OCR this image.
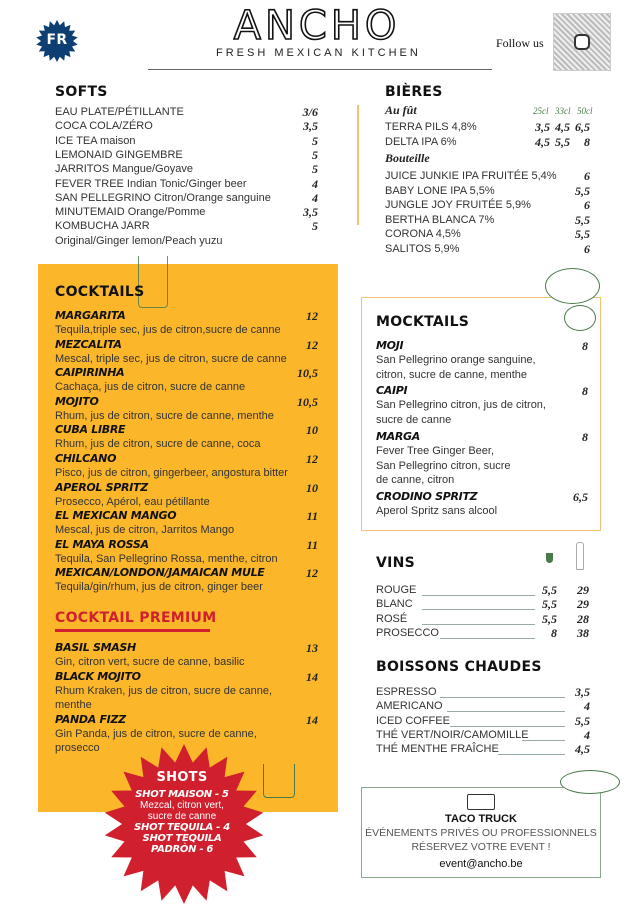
FR	ANCHO
FRESH MEXICAN KITCHEN
Follow us
SOFTS
EAU PLATE/PÉTILLANTE	3/6
COCA COLA/ZÉRO	3,5
ICE TEA maison	5
LEMONAID GINGEMBRE	5
JARRITOS Mangue/Goyave	5
FEVER TREE Indian Tonic/Ginger beer	4
SAN PELLEGRINO Citron/Orange sanguine	4
MINUTEMAID Orange/Pomme	3,5
KOMBUCHA JARR	5
Original/Ginger lemon/Peach yuzu
BIÈRES
Au fût	25cl 33cl 50cl
TERRA PILS 4,8%	3,5 4,5 6,5
DELTA IPA 6%	4,5 5,5	8
JUICE JUNKIE IPA FRUITÉE 5,4%	6
BABY LONE IPA 5,5%	5,5
JUNGLE JOY FRUITÉE 5,9%	6
BERTHA BLANCA 7%	5,5
CORONA 4,5%	5,5
SALITOS 5,9%	6
Bouteille
COCKTAILS
MARGARITA	12
Tequila,triple sec, jus de citron,sucre de canne
MEZCALITA	12
Mescal, triple sec, jus de citron, sucre de canne
CAIPIRINHA	10,5
Cachaça, jus de citron, sucre de canne
MOJITO	10,5
Rhum, jus de citron, sucre de canne, menthe
CUBA LIBRE	10
Rhum, jus de citron, sucre de canne, coca
CHILCANO	12
Pisco, jus de citron, gingerbeer, angostura bitter
APEROL SPRITZ	10
Prosecco, Apérol, eau pétillante
EL MEXICAN MANGO	11
Mescal, jus de citron, Jarritos Mango
EL MAYA ROSSA	11
Tequila, San Pellegrino Rossa, menthe, citron
MEXICAN/LONDON/JAMAICAN MULE	12
Tequila/gin/rhum, jus de citron, ginger beer
COCKTAIL PREMIUM
BASIL SMASH	13
Gin, citron vert, sucre de canne, basilic
BLACK MOJITO	14
Rhum Kraken, jus de citron, sucre de canne, menthe
PANDA FIZZ	14
Gin Panda, jus de citron, sucre de canne, prosecco
SHOTS
SHOT MAISON - 5
Mezcal, citron vert,
sucre de canne
SHOT TEQUILA - 4
SHOT TEQUILA
PADRÒN - 6
MOCKTAILS
MOJI	8
San Pellegrino orange sanguine, citron, sucre de canne, menthe
CAIPI	8
San Pellegrino citron, jus de citron, sucre de canne
MARGA	8
Fever Tree Ginger Beer, San Pellegrino citron, sucre de canne, citron
CRODINO SPRITZ	6,5
Aperol Spritz sans alcool
VINS
ROUGE	5,5	29
BLANC	5,5	29
ROSÉ	5,5	28
PROSECCO	8	38
BOISSONS CHAUDES
ESPRESSO	3,5
AMERICANO	4
ICED COFFEE	5,5
THÉ VERT/NOIR/CAMOMILLE	4
THÉ MENTHE FRAÎCHE	4,5
TACO TRUCK
ÉVÉNEMENTS PRIVÉS OU PROFESSIONNELS
RÉSERVEZ VOTRE EVENT !
event@ancho.be
